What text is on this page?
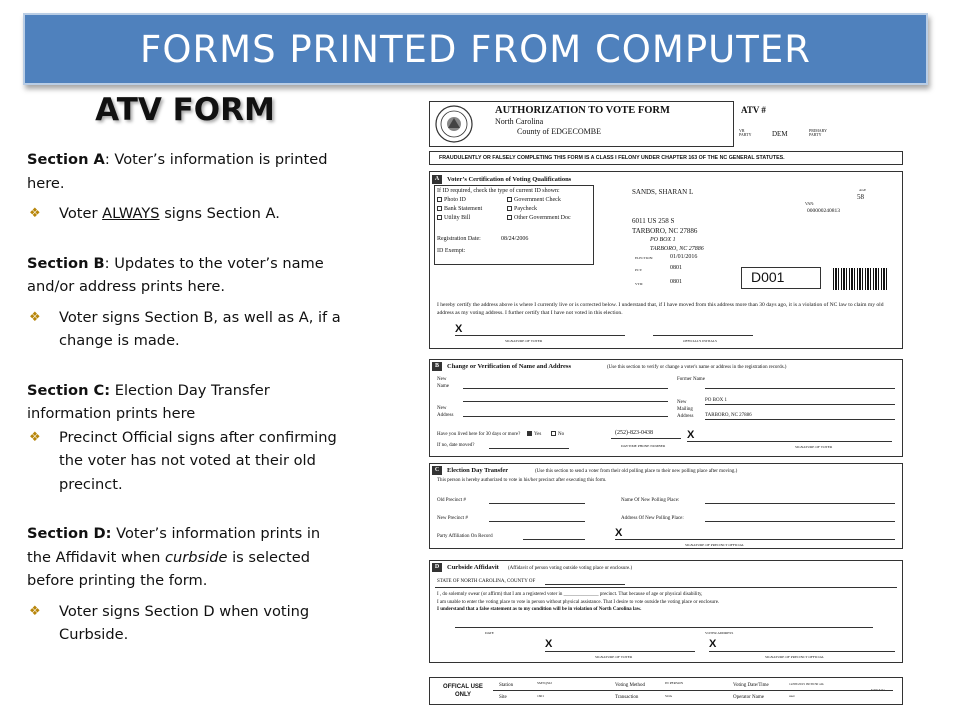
FORMS PRINTED FROM COMPUTER
ATV FORM
Section A: Voter’s information is printed here.
❖	Voter ALWAYS signs Section A.
Section B: Updates to the voter’s name and/or address prints here.
❖	Voter signs Section B, as well as A, if a change is made.
Section C: Election Day Transfer information prints here
❖	Precinct Official signs after confirming the voter has not voted at their old precinct.
Section D: Voter’s information prints in the Affidavit when curbside is selected before printing the form.
❖	Voter signs Section D when voting Curbside.
AUTHORIZATION TO VOTE FORM
North Carolina
County of EDGECOMBE
ATV #
VR PARTY	DEM	PRIMARY PARTY
FRAUDULENTLY OR FALSELY COMPLETING THIS FORM IS A CLASS I FELONY UNDER CHAPTER 163 OF THE NC GENERAL STATUTES.
A	Voter’s Certification of Voting Qualifications
If ID required, check the type of current ID shown:
Photo ID	Government Check
Bank Statement	Paycheck
Utility Bill	Other Government Doc
Registration Date:	08/24/2006
ID Exempt:
SANDS, SHARAN L
6011 US 258 S
TARBORO, NC 27886
PO BOX 1
TARBORO, NC 27886
AGE
58
VAN:
000000240813
ELECTION:	01/01/2016
PCT:	0801
VTD:	0801	D001
I hereby certify the address above is where I currently live or is corrected below. I understand that, if I have moved from this address more than 30 days ago, it is a violation of NC law to claim my old address as my voting address. I further certify that I have not voted in this election.
X
SIGNATURE OF VOTER	OFFICIAL'S INITIALS
B	Change or Verification of Name and Address	(Use this section to verify or change a voter's name or address in the registration records.)
New Name
Former Name
New Address
New Mailing Address
PO BOX 1
TARBORO, NC 27886
Have you lived here for 30 days or more?	Yes	No	(252)-823-0438
If no, date moved?	DAYTIME PHONE NUMBER
X
SIGNATURE OF VOTER
C	Election Day Transfer	(Use this section to send a voter from their old polling place to their new polling place after moving.)
This person is hereby authorized to vote in his/her precinct after executing this form.
Old Precinct #
New Precinct #
Party Affiliation On Record
Name Of New Polling Place:
Address Of New Polling Place:
X
SIGNATURE OF PRECINCT OFFICIAL
D	Curbside Affidavit (Affidavit of person voting outside voting place or enclosure.)
STATE OF NORTH CAROLINA, COUNTY OF
I , do solemnly swear (or affirm) that I am a registered voter in ______________ precinct. That because of age or physical disability,
I am unable to enter the voting place to vote in person without physical assistance. That I desire to vote outside the voting place or enclosure.
I understand that a false statement as to my condition will be in violation of North Carolina law.
DATE	VOTER ADDRESS
X
SIGNATURE OF VOTER
X
SIGNATURE OF PRECINCT OFFICIAL
OFFICAL USE ONLY
Station	SMTQ322
Site	1601
Voting Method	IN PERSON
Transaction	SOA
Voting Date/Time	12/08/2015 09:39:30 am
Operator Name	user
V2015.01
